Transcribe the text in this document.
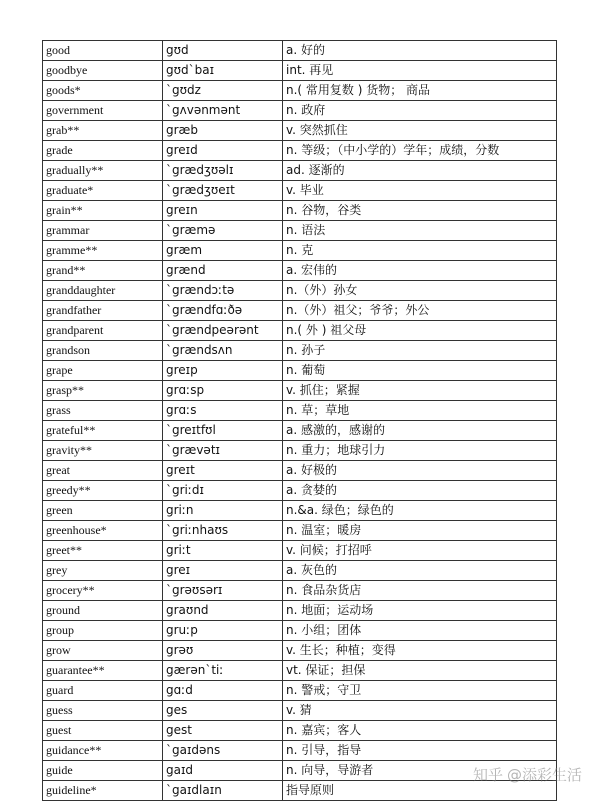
good	gʊd	a. 好的
goodbye	gʊdˋbaɪ	int. 再见
goods*	ˋgʊdz	n.( 常用复数 ) 货物； 商品
government	ˋgʌvənmənt	n. 政府
grab**	græb	v. 突然抓住
grade	greɪd	n. 等级；（中小学的）学年；成绩，分数
gradually**	ˋgrædʒʊəlɪ	ad. 逐渐的
graduate*	ˋgrædʒʊeɪt	v. 毕业
grain**	greɪn	n. 谷物，谷类
grammar	ˋgræmə	n. 语法
gramme**	græm	n. 克
grand**	grænd	a. 宏伟的
granddaughter	ˋgrændɔːtə	n.（外）孙女
grandfather	ˋgrændfɑːðə	n.（外）祖父；爷爷；外公
grandparent	ˋgrændpeərənt	n.( 外 ) 祖父母
grandson	ˋgrændsʌn	n. 孙子
grape	greɪp	n. 葡萄
grasp**	grɑːsp	v. 抓住；紧握
grass	grɑːs	n. 草；草地
grateful**	ˋgreɪtfʊl	a. 感激的，感谢的
gravity**	ˋgrævətɪ	n. 重力；地球引力
great	greɪt	a. 好极的
greedy**	ˋgriːdɪ	a. 贪婪的
green	griːn	n.&a. 绿色；绿色的
greenhouse*	ˋgriːnhaʊs	n. 温室；暖房
greet**	griːt	v. 问候；打招呼
grey	greɪ	a. 灰色的
grocery**	ˋgrəʊsərɪ	n. 食品杂货店
ground	graʊnd	n. 地面；运动场
group	gruːp	n. 小组；团体
grow	grəʊ	v. 生长；种植；变得
guarantee**	gærənˋtiː	vt. 保证；担保
guard	gɑːd	n. 警戒；守卫
guess	ges	v. 猜
guest	gest	n. 嘉宾；客人
guidance**	ˋgaɪdəns	n. 引导，指导
guide	gaɪd	n. 向导，导游者
guideline*	ˋgaɪdlaɪn	指导原则
知乎 @添彩生活
